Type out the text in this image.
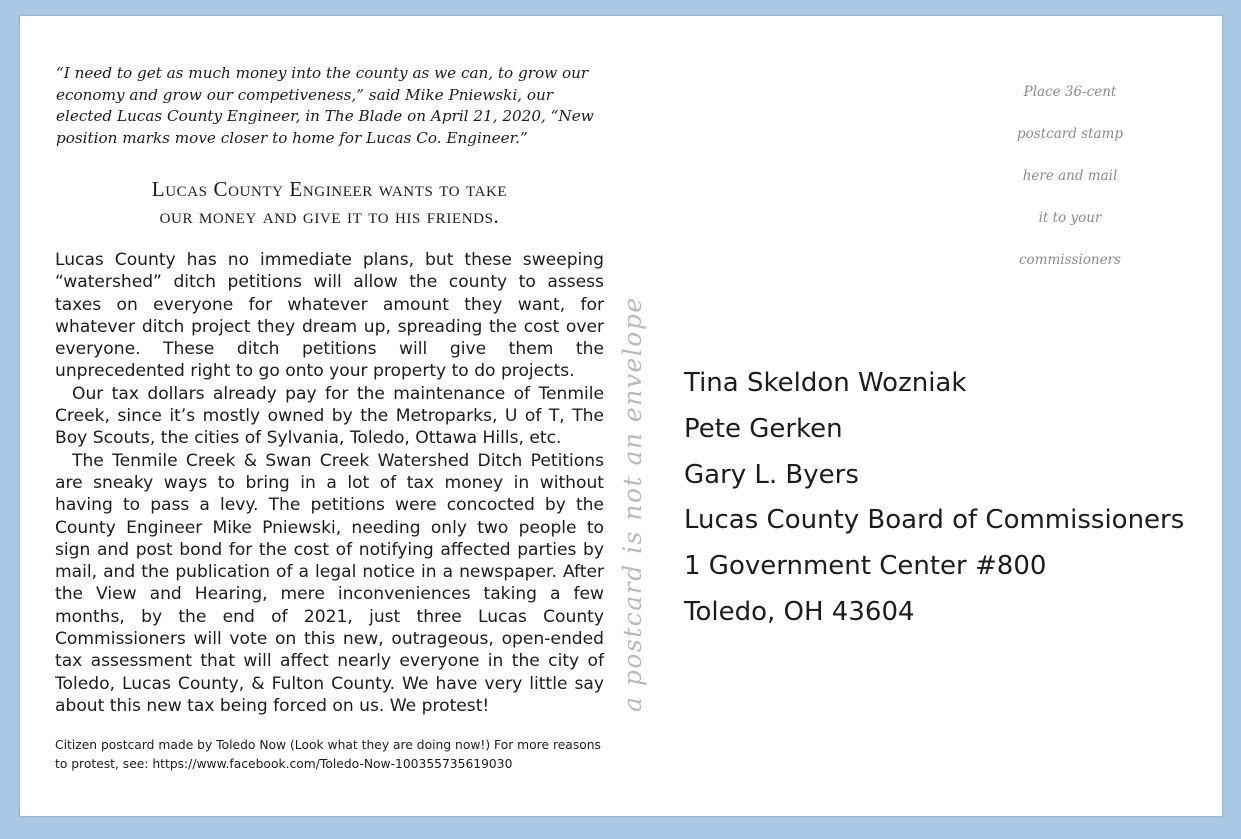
“I need to get as much money into the county as we can, to grow our economy and grow our competiveness,” said Mike Pniewski, our elected Lucas County Engineer, in The Blade on April 21, 2020, “New position marks move closer to home for Lucas Co. Engineer.”
Lucas County Engineer wants to take
our money and give it to his friends.

Lucas County has no immediate plans, but these sweeping “watershed” ditch petitions will allow the county to assess taxes on everyone for whatever amount they want, for whatever ditch project they dream up, spreading the cost over everyone. These ditch petitions will give them the unprecedented right to go onto your property to do projects.

Our tax dollars already pay for the maintenance of Tenmile Creek, since it’s mostly owned by the Metroparks, U of T, The Boy Scouts, the cities of Sylvania, Toledo, Ottawa Hills, etc.

The Tenmile Creek & Swan Creek Watershed Ditch Petitions are sneaky ways to bring in a lot of tax money in without having to pass a levy. The petitions were concocted by the County Engineer Mike Pniewski, needing only two people to sign and post bond for the cost of notifying affected parties by mail, and the publication of a legal notice in a newspaper. After the View and Hearing, mere inconveniences taking a few months, by the end of 2021, just three Lucas County Commissioners will vote on this new, outrageous, open-ended tax assessment that will affect nearly everyone in the city of Toledo, Lucas County, & Fulton County. We have very little say about this new tax being forced on us. We protest!

Citizen postcard made by Toledo Now (Look what they are doing now!) For more reasons to protest, see: https://www.facebook.com/Toledo-Now-100355735619030
a postcard is not an envelope
Place 36-cent
postcard stamp
here and mail
it to your
commissioners
Tina Skeldon Wozniak
Pete Gerken
Gary L. Byers
Lucas County Board of Commissioners
1 Government Center #800
Toledo, OH 43604
